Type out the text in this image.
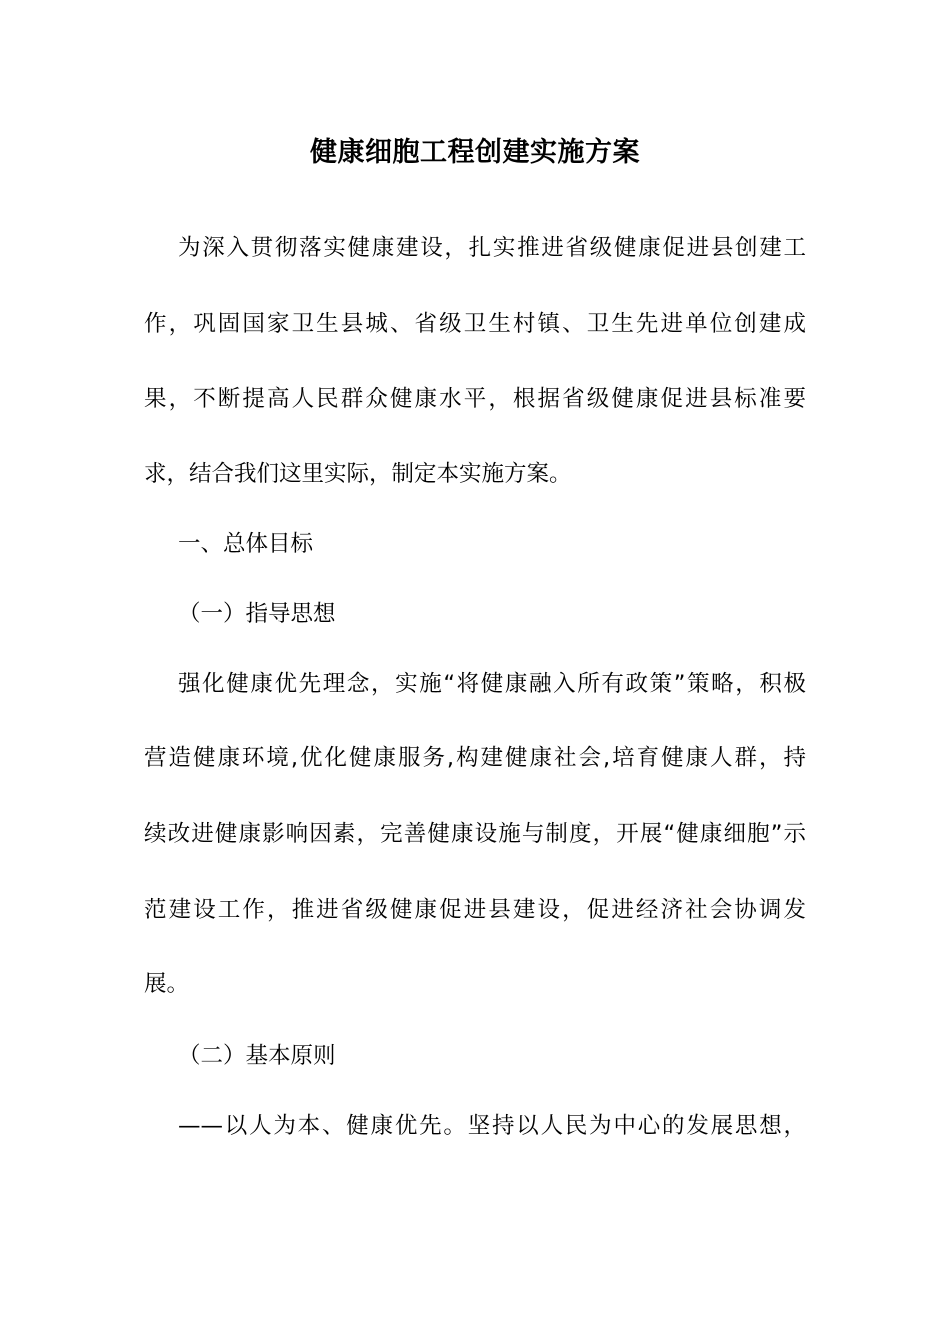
健康细胞工程创建实施方案
为深入贯彻落实健康建设，扎实推进省级健康促进县创建工
作，巩固国家卫生县城、省级卫生村镇、卫生先进单位创建成
果，不断提高人民群众健康水平，根据省级健康促进县标准要
求，结合我们这里实际，制定本实施方案。
一、总体目标
（一）指导思想
强化健康优先理念，实施“将健康融入所有政策”策略，积极
营造健康环境,优化健康服务,构建健康社会,培育健康人群，持
续改进健康影响因素，完善健康设施与制度，开展“健康细胞”示
范建设工作，推进省级健康促进县建设，促进经济社会协调发
展。
（二）基本原则
——以人为本、健康优先。坚持以人民为中心的发展思想，
